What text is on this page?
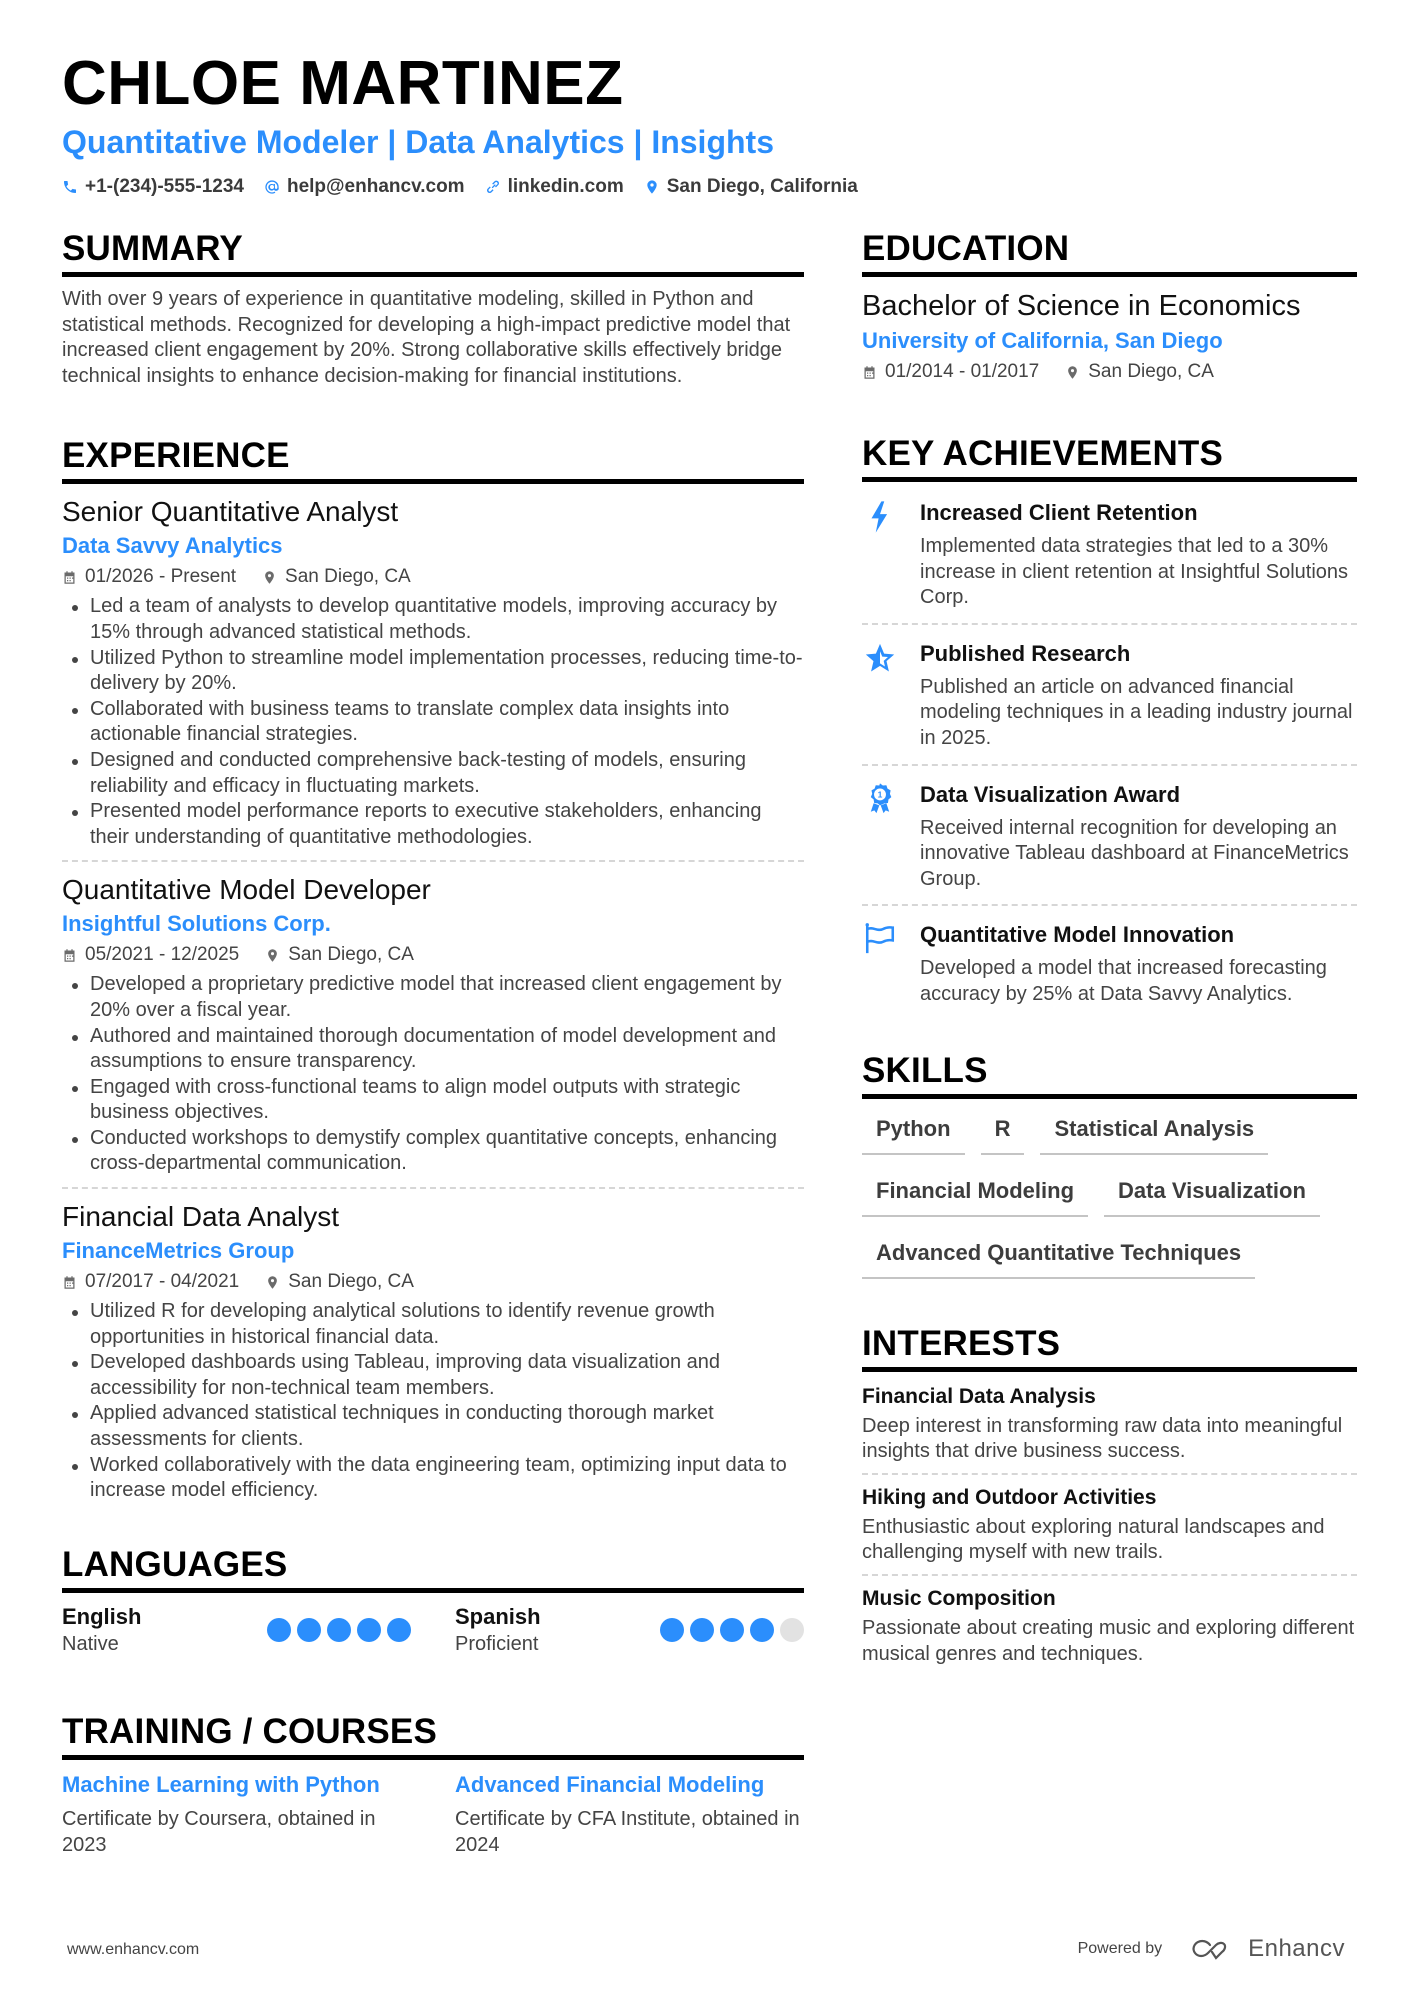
CHLOE MARTINEZ
Quantitative Modeler | Data Analytics | Insights
+1-(234)-555-1234 help@enhancv.com linkedin.com San Diego, California
SUMMARY

With over 9 years of experience in quantitative modeling, skilled in Python and statistical methods. Recognized for developing a high-impact predictive model that increased client engagement by 20%. Strong collaborative skills effectively bridge technical insights to enhance decision-making for financial institutions.

EXPERIENCE
Senior Quantitative Analyst
Data Savvy Analytics
01/2026 - Present	San Diego, CA
Led a team of analysts to develop quantitative models, improving accuracy by 15% through advanced statistical methods.
Utilized Python to streamline model implementation processes, reducing time-to-delivery by 20%.
Collaborated with business teams to translate complex data insights into actionable financial strategies.
Designed and conducted comprehensive back-testing of models, ensuring reliability and efficacy in fluctuating markets.
Presented model performance reports to executive stakeholders, enhancing their understanding of quantitative methodologies.
Quantitative Model Developer
Insightful Solutions Corp.
05/2021 - 12/2025	San Diego, CA
Developed a proprietary predictive model that increased client engagement by 20% over a fiscal year.
Authored and maintained thorough documentation of model development and assumptions to ensure transparency.
Engaged with cross-functional teams to align model outputs with strategic business objectives.
Conducted workshops to demystify complex quantitative concepts, enhancing cross-departmental communication.
Financial Data Analyst
FinanceMetrics Group
07/2017 - 04/2021	San Diego, CA
Utilized R for developing analytical solutions to identify revenue growth opportunities in historical financial data.
Developed dashboards using Tableau, improving data visualization and accessibility for non-technical team members.
Applied advanced statistical techniques in conducting thorough market assessments for clients.
Worked collaboratively with the data engineering team, optimizing input data to increase model efficiency.
LANGUAGES
English
Native
Spanish
Proficient
TRAINING / COURSES
Machine Learning with Python
Certificate by Coursera, obtained in 2023
Advanced Financial Modeling
Certificate by CFA Institute, obtained in 2024
EDUCATION
Bachelor of Science in Economics
University of California, San Diego
01/2014 - 01/2017	San Diego, CA
KEY ACHIEVEMENTS
Increased Client Retention
Implemented data strategies that led to a 30% increase in client retention at Insightful Solutions Corp.
Published Research
Published an article on advanced financial modeling techniques in a leading industry journal in 2025.
1 Data Visualization Award
Received internal recognition for developing an innovative Tableau dashboard at FinanceMetrics Group.
Quantitative Model Innovation
Developed a model that increased forecasting accuracy by 25% at Data Savvy Analytics.
SKILLS
Python	R	Statistical Analysis
Financial Modeling	Data Visualization
Advanced Quantitative Techniques
INTERESTS
Financial Data Analysis
Deep interest in transforming raw data into meaningful insights that drive business success.
Hiking and Outdoor Activities
Enthusiastic about exploring natural landscapes and challenging myself with new trails.
Music Composition
Passionate about creating music and exploring different musical genres and techniques.
www.enhancv.com	Powered by	Enhancv
